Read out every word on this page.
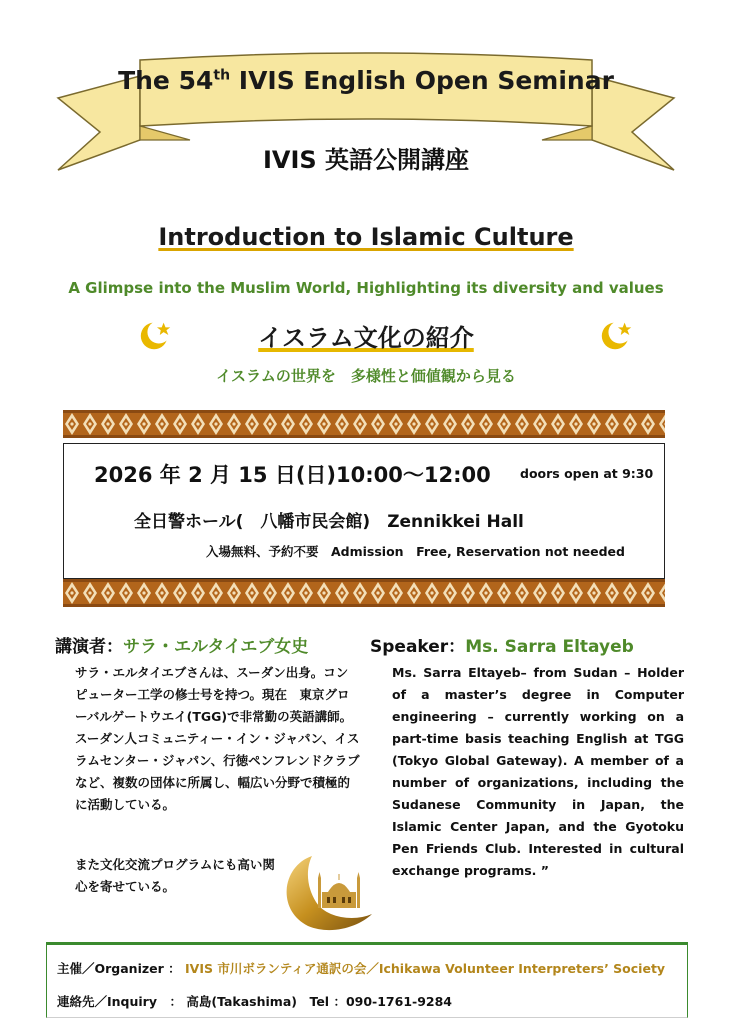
The 54th IVIS English Open Seminar
IVIS 英語公開講座
Introduction to Islamic Culture
A Glimpse into the Muslim World, Highlighting its diversity and values
イスラム文化の紹介
イスラムの世界を　多様性と価値観から見る
2026 年 2 月 15 日(日)10:00～12:00 doors open at 9:30
全日警ホール(　八幡市民会館)　Zennikkei Hall
入場無料、予約不要　Admission　Free, Reservation not needed
講演者：サラ・エルタイエブ女史	Speaker：Ms. Sarra Eltayeb

サラ・エルタイエブさんは、スーダン出身。コンピューター工学の修士号を持つ。現在　東京グローバルゲートウエイ(TGG)で非常勤の英語講師。スーダン人コミュニティー・イン・ジャパン、イスラムセンター・ジャパン、行徳ペンフレンドクラブなど、複数の団体に所属し、幅広い分野で積極的に活動している。

また文化交流プログラムにも高い関心を寄せている。

Ms. Sarra Eltayeb– from Sudan – Holder of a master’s degree in Computer engineering – currently working on a part-time basis teaching English at TGG (Tokyo Global Gateway). A member of a number of organizations, including the Sudanese Community in Japan, the Islamic Center Japan, and the Gyotoku Pen Friends Club. Interested in cultural exchange programs. ”
主催／Organizer ： IVIS 市川ボランティア通訳の会／Ichikawa Volunteer Interpreters’ Society
連絡先／Inquiry　： 高島(Takashima)　Tel ：090-1761-9284
